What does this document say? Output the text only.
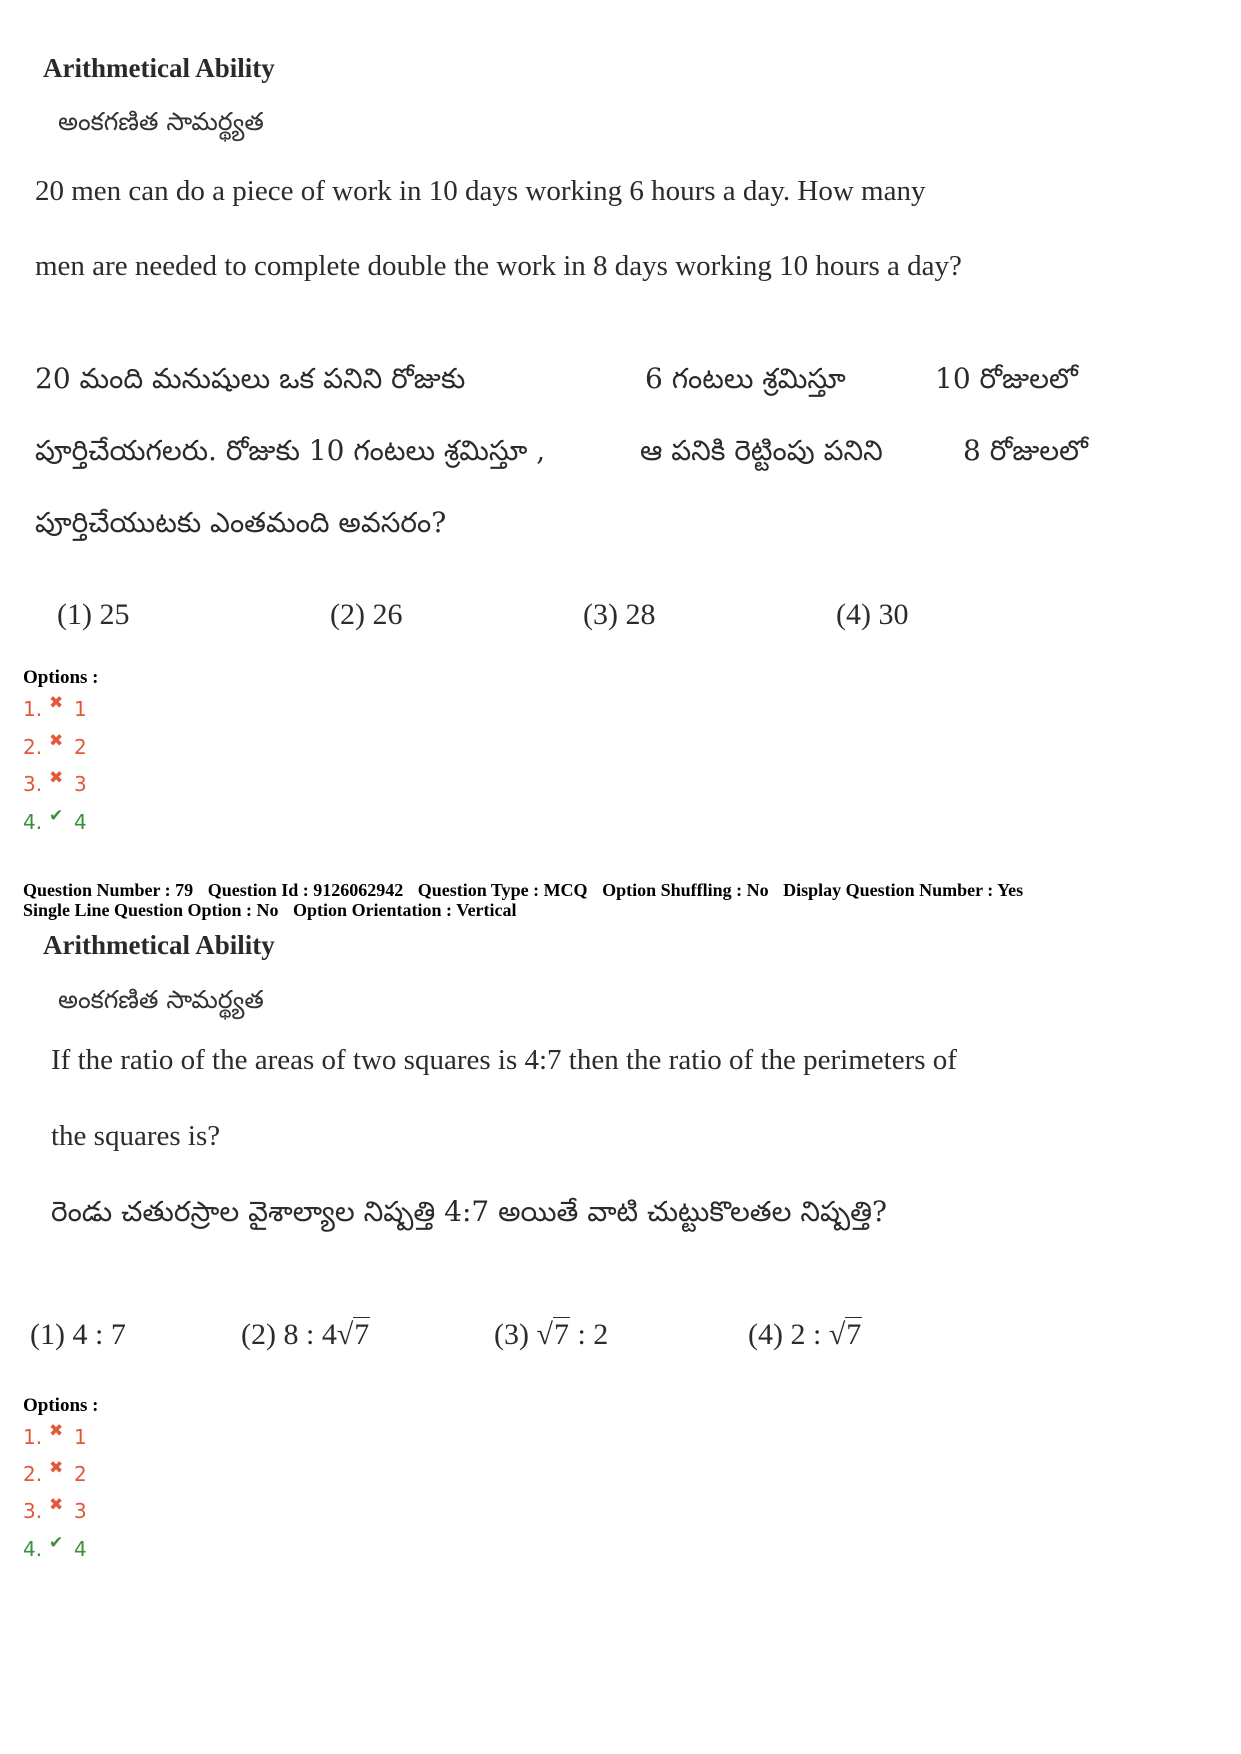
Arithmetical Ability
అంకగణిత సామర్థ్యత
20 men can do a piece of work in 10 days working 6 hours a day. How many
men are needed to complete double the work in 8 days working 10 hours a day?
20 మంది మనుషులు ఒక పనిని రోజుకు	6 గంటలు శ్రమిస్తూ	10 రోజులలో
పూర్తిచేయగలరు. రోజుకు 10 గంటలు శ్రమిస్తూ ,	ఆ పనికి రెట్టింపు పనిని	8 రోజులలో
పూర్తిచేయుటకు ఎంతమంది అవసరం?
(1) 25	(2) 26	(3) 28	(4) 30
Options :
1. ✖ 1
2. ✖ 2
3. ✖ 3
4. ✔ 4
Question Number : 79 Question Id : 9126062942 Question Type : MCQ Option Shuffling : No Display Question Number : Yes
Single Line Question Option : No Option Orientation : Vertical
Arithmetical Ability
అంకగణిత సామర్థ్యత
If the ratio of the areas of two squares is 4:7 then the ratio of the perimeters of
the squares is?
రెండు చతురస్రాల వైశాల్యాల నిష్పత్తి 4:7 అయితే వాటి చుట్టుకొలతల నిష్పత్తి?
(1) 4 : 7	(2) 8 : 4√7	(3) √7 : 2	(4) 2 : √7
Options :
1. ✖ 1
2. ✖ 2
3. ✖ 3
4. ✔ 4
